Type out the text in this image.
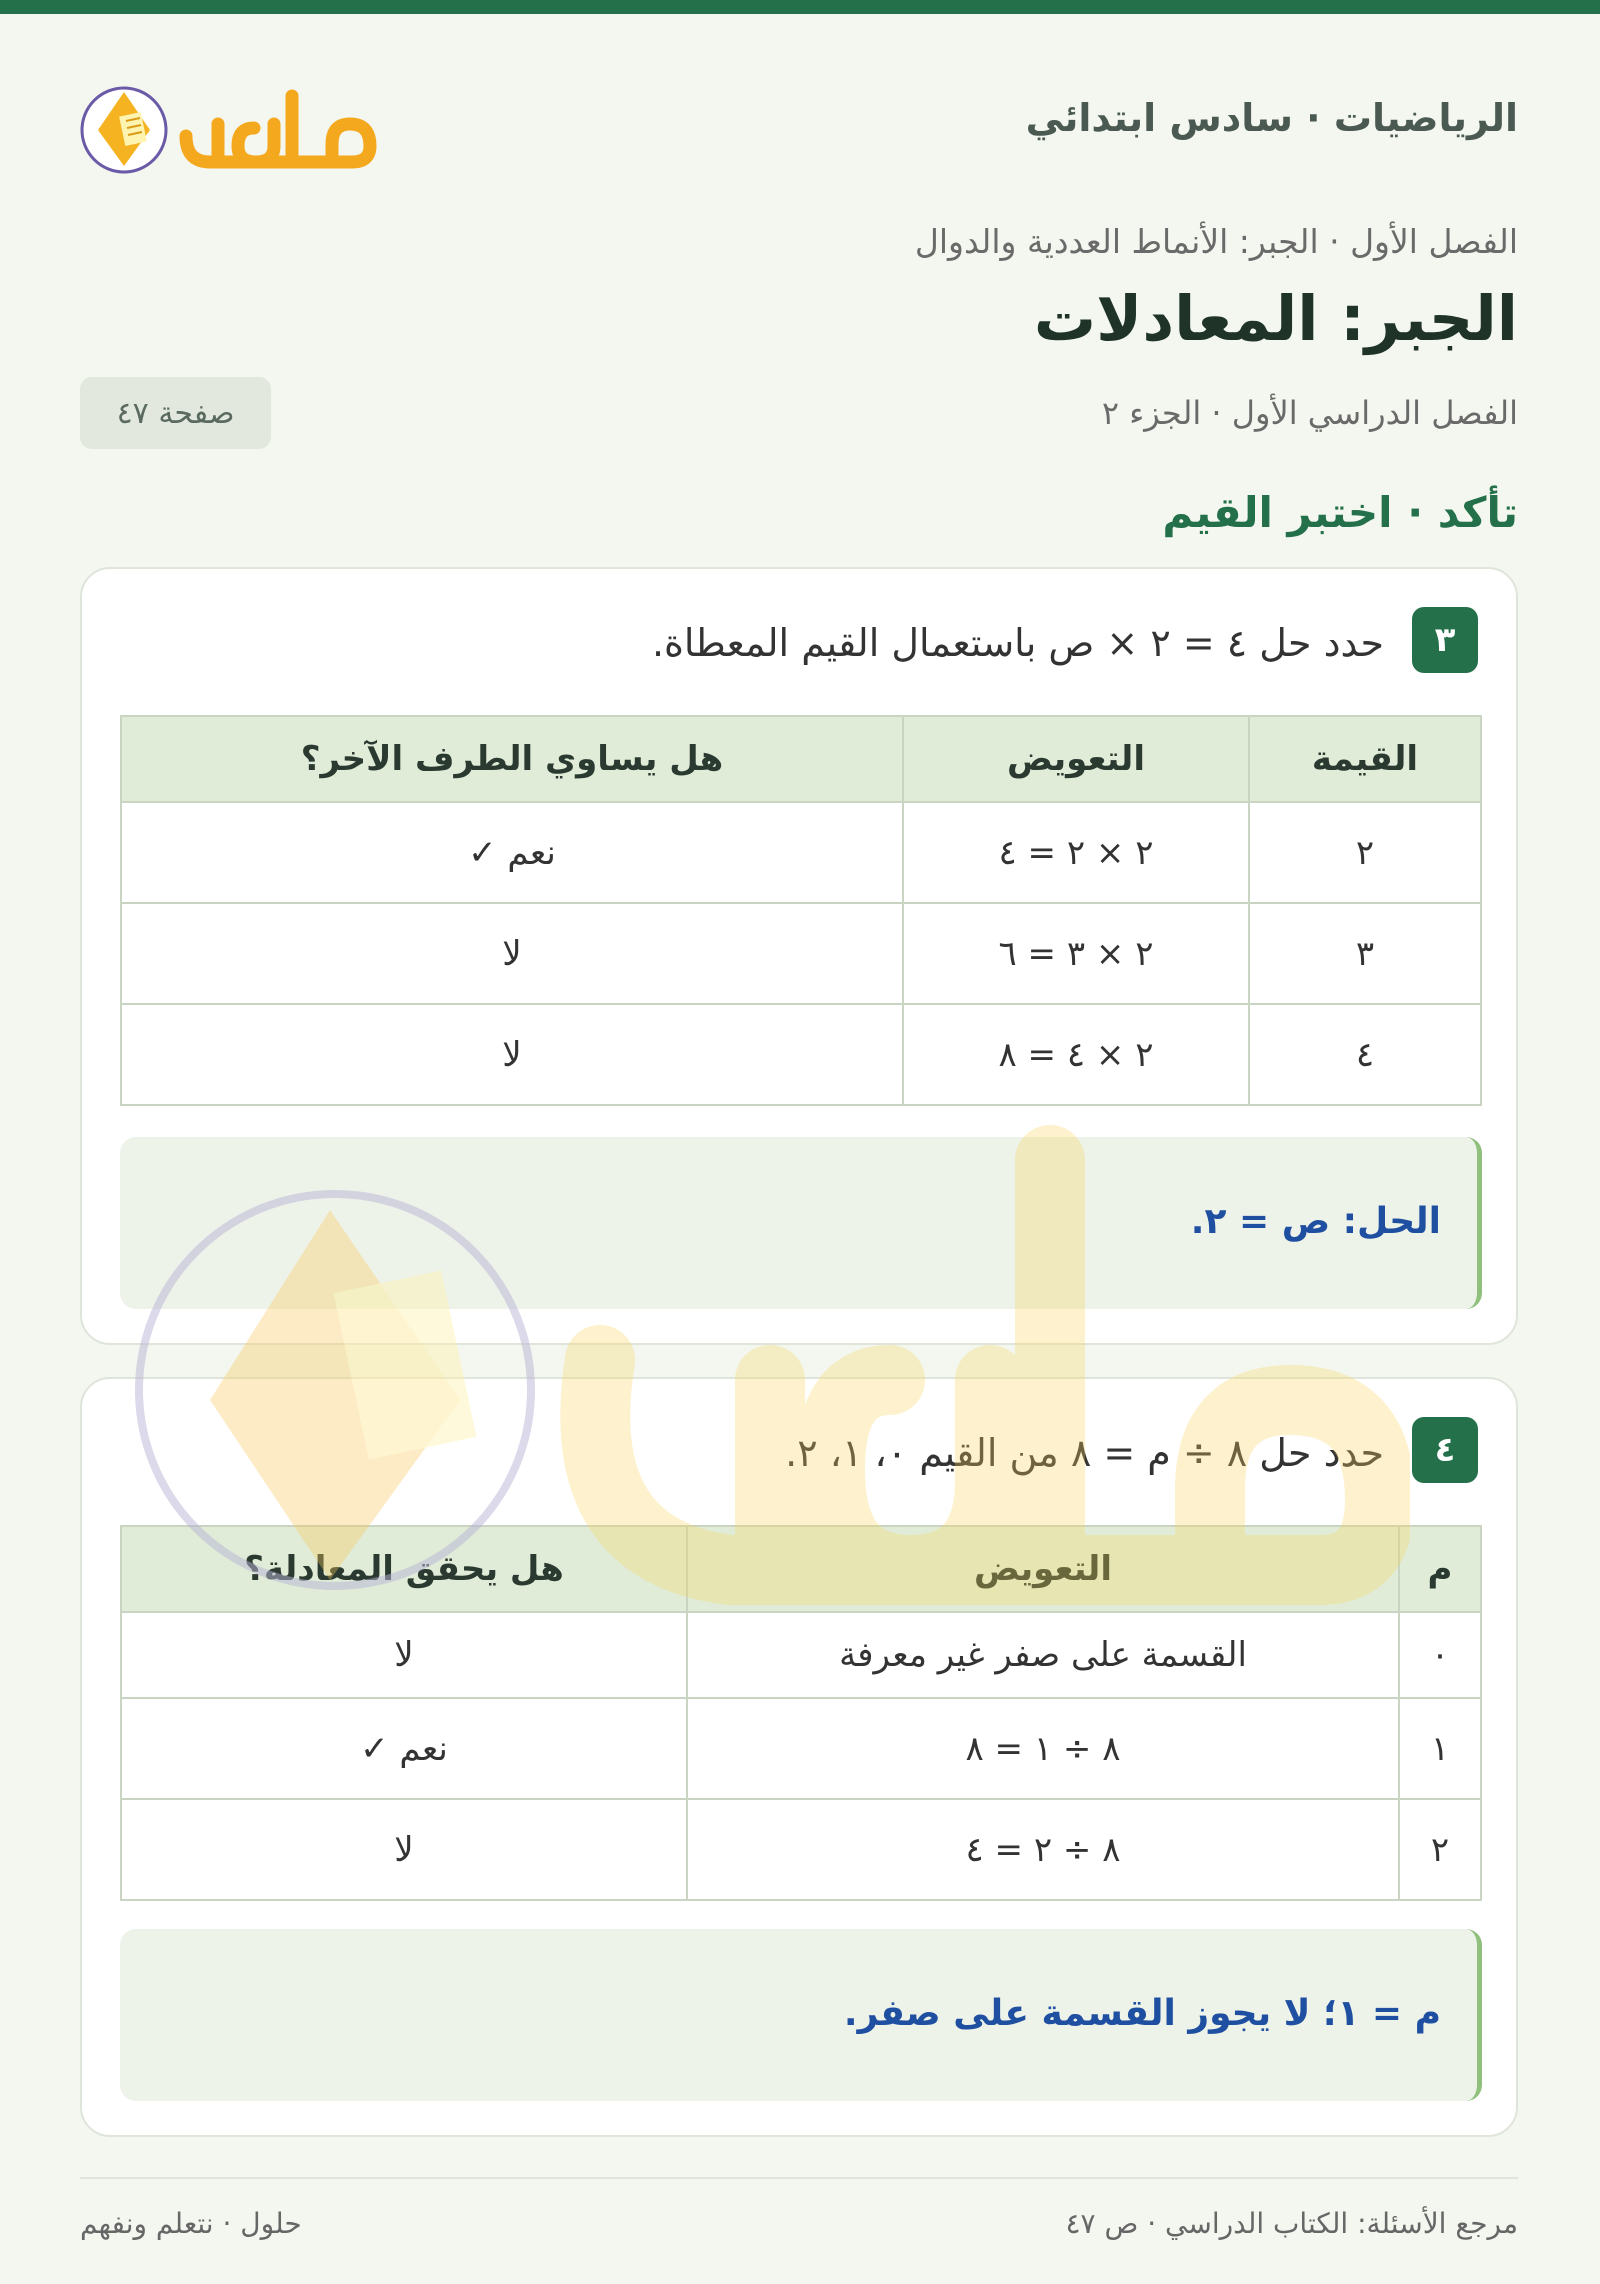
الرياضيات · سادس ابتدائي
الفصل الأول · الجبر: الأنماط العددية والدوال
الجبر: المعادلات
الفصل الدراسي الأول · الجزء ٢
صفحة ٤٧
تأكد · اختبر القيم
٣
حدد حل ٤ = ٢ × ص باستعمال القيم المعطاة.
القيمة	التعويض	هل يساوي الطرف الآخر؟
٢	٢ × ٢ = ٤	نعم ✓
٣	٢ × ٣ = ٦	لا
٤	٢ × ٤ = ٨	لا
الحل: ص = ٢.
٤
حدد حل ٨ ÷ م = ٨ من القيم ٠، ١، ٢.
م	التعويض	هل يحقق المعادلة؟
٠	القسمة على صفر غير معرفة	لا
١	٨ ÷ ١ = ٨	نعم ✓
٢	٨ ÷ ٢ = ٤	لا
م = ١؛ لا يجوز القسمة على صفر.
مرجع الأسئلة: الكتاب الدراسي · ص ٤٧
حلول · نتعلم ونفهم
